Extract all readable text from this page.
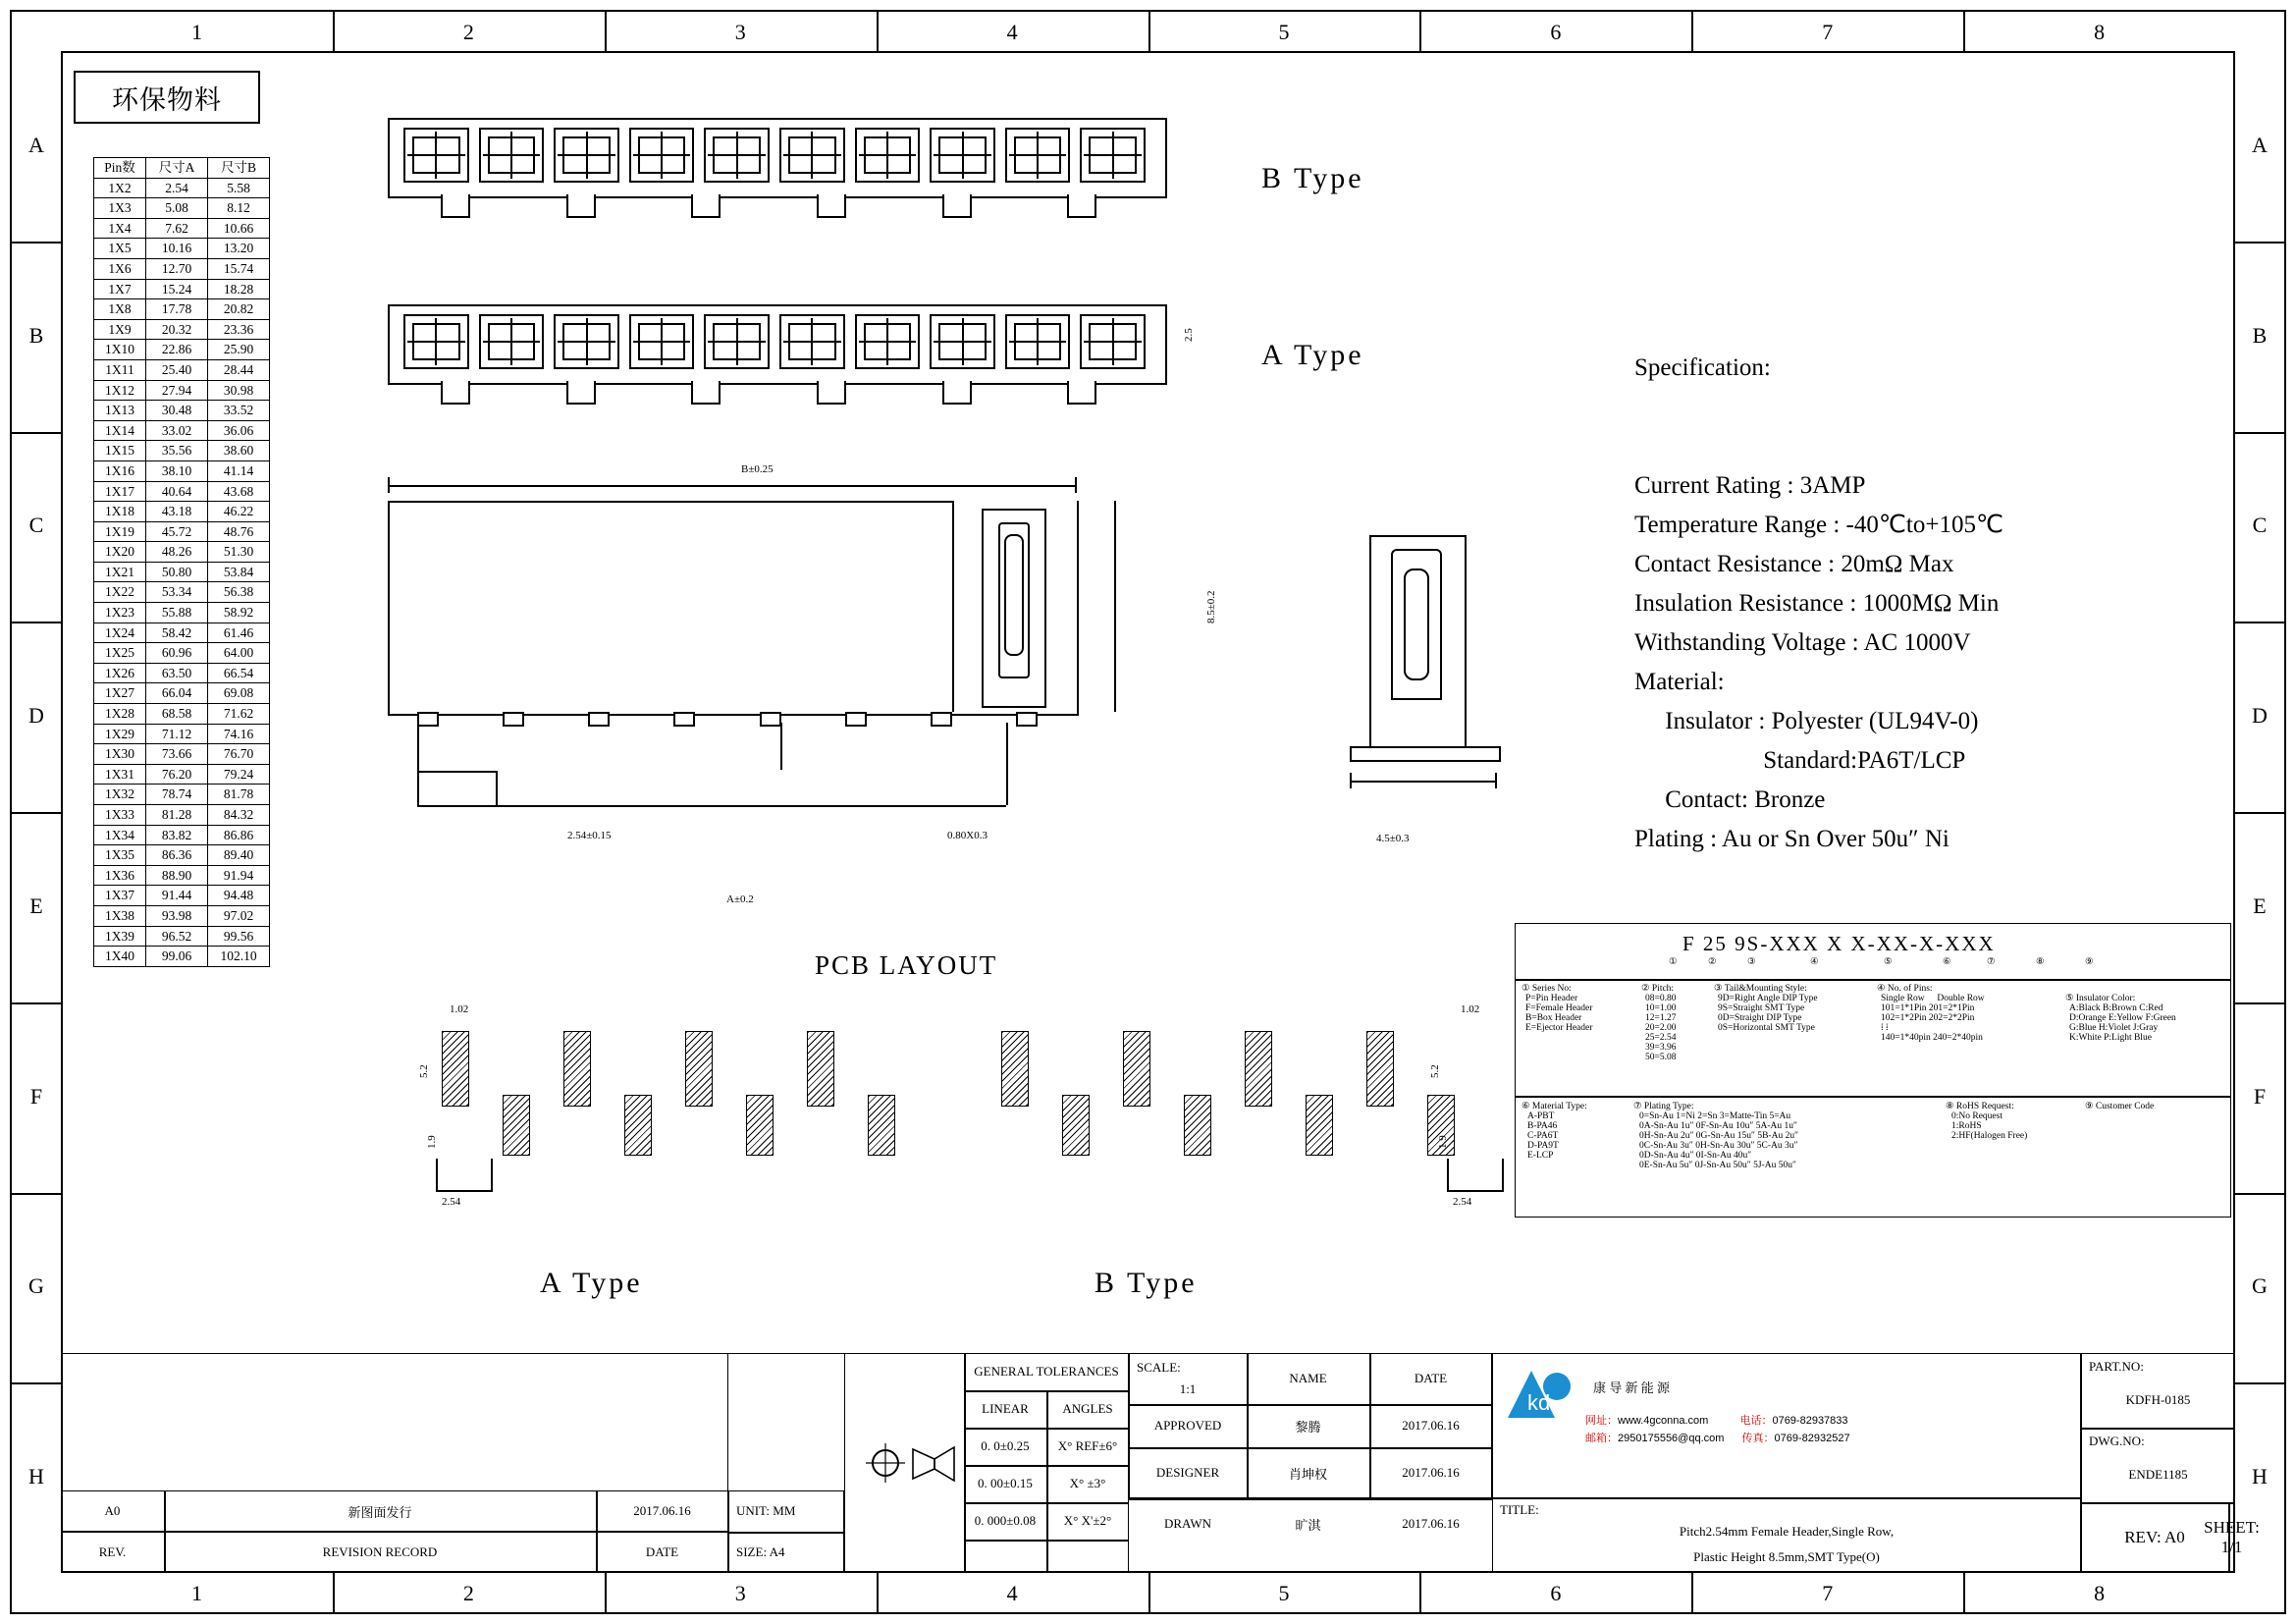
1
1
2
2
3
3
4
4
5
5
6
6
7
7
8
8
A	A
B	B
C	C
D	D
E	E
F	F
G	G
H	H
环保物料
Pin数	尺寸A	尺寸B
1X2	2.54	5.58
1X3	5.08	8.12
1X4	7.62	10.66
1X5	10.16	13.20
1X6	12.70	15.74
1X7	15.24	18.28
1X8	17.78	20.82
1X9	20.32	23.36
1X10	22.86	25.90
1X11	25.40	28.44
1X12	27.94	30.98
1X13	30.48	33.52
1X14	33.02	36.06
1X15	35.56	38.60
1X16	38.10	41.14
1X17	40.64	43.68
1X18	43.18	46.22
1X19	45.72	48.76
1X20	48.26	51.30
1X21	50.80	53.84
1X22	53.34	56.38
1X23	55.88	58.92
1X24	58.42	61.46
1X25	60.96	64.00
1X26	63.50	66.54
1X27	66.04	69.08
1X28	68.58	71.62
1X29	71.12	74.16
1X30	73.66	76.70
1X31	76.20	79.24
1X32	78.74	81.78
1X33	81.28	84.32
1X34	83.82	86.86
1X35	86.36	89.40
1X36	88.90	91.94
1X37	91.44	94.48
1X38	93.98	97.02
1X39	96.52	99.56
1X40	99.06	102.10
B Type
A Type
2.5
B±0.25
8.5±0.2
2.54±0.15	0.80X0.3
A±0.2
4.5±0.3
PCB LAYOUT
1.02
5.2
1.9
2.54
1.02
5.2
1.9
2.54
A Type	B Type

Specification:

Current Rating : 3AMP
Temperature Range : -40℃to+105℃
Contact Resistance : 20mΩ Max
Insulation Resistance : 1000MΩ Min
Withstanding Voltage : AC 1000V
Material:
Insulator : Polyester (UL94V-0)
Standard:PA6T/LCP
Contact: Bronze
Plating : Au or Sn Over 50u″ Ni

F 25 9S-XXX X X-XX-X-XXX
①	②	③	④	⑤	⑥	⑦	⑧	⑨
① Series No:
P=Pin Header
F=Female Header
B=Box Header
E=Ejector Header
② Pitch:
08=0.80
10=1.00
12=1.27
20=2.00
25=2.54
39=3.96
50=5.08
③ Tail&Mounting Style:
9D=Right Angle DIP Type
9S=Straight SMT Type
0D=Straight DIP Type
0S=Horizontal SMT Type
④ No. of Pins:
Single Row Double Row
101=1*1Pin 201=2*1Pin
102=1*2Pin 202=2*2Pin
⁞ ⁞
140=1*40pin 240=2*40pin
⑤ Insulator Color:
A:Black B:Brown C:Red
D:Orange E:Yellow F:Green
G:Blue H:Violet J:Gray
K:White P:Light Blue
⑥ Material Type:
A-PBT
B-PA46
C-PA6T
D-PA9T
E-LCP
⑦ Plating Type:
0=Sn-Au 1=Ni 2=Sn 3=Matte-Tin 5=Au
0A-Sn-Au 1u″ 0F-Sn-Au 10u″ 5A-Au 1u″
0H-Sn-Au 2u″ 0G-Sn-Au 15u″ 5B-Au 2u″
0C-Sn-Au 3u″ 0H-Sn-Au 30u″ 5C-Au 3u″
0D-Sn-Au 4u″ 0I-Sn-Au 40u″
0E-Sn-Au 5u″ 0J-Sn-Au 50u″ 5J-Au 50u″
⑧ RoHS Request:
0:No Request
1:RoHS
2:HF(Halogen Free)
⑨ Customer Code
A0	新图面发行	2017.06.16
REV.	REVISION RECORD	DATE
UNIT: MM
SIZE: A4
GENERAL TOLERANCES
LINEAR	ANGLES
0. 0±0.25	X° REF±6°
0. 00±0.15	X° ±3°
0. 000±0.08	X° X'±2°
SCALE:
1:1
NAME	DATE
APPROVED	黎腾	2017.06.16
DESIGNER	肖坤权	2017.06.16
DRAWN	旷淇	2017.06.16
kd
康 导 新 能 源
网址：www.4gconna.com	电话：0769-82937833
邮箱：2950175556@qq.com 传真：0769-82932527
TITLE:
Pitch2.54mm Female Header,Single Row,
Plastic Height 8.5mm,SMT Type(O)
PART.NO:
KDFH-0185
DWG.NO:
ENDE1185
REV: A0
SHEET: 1/1
